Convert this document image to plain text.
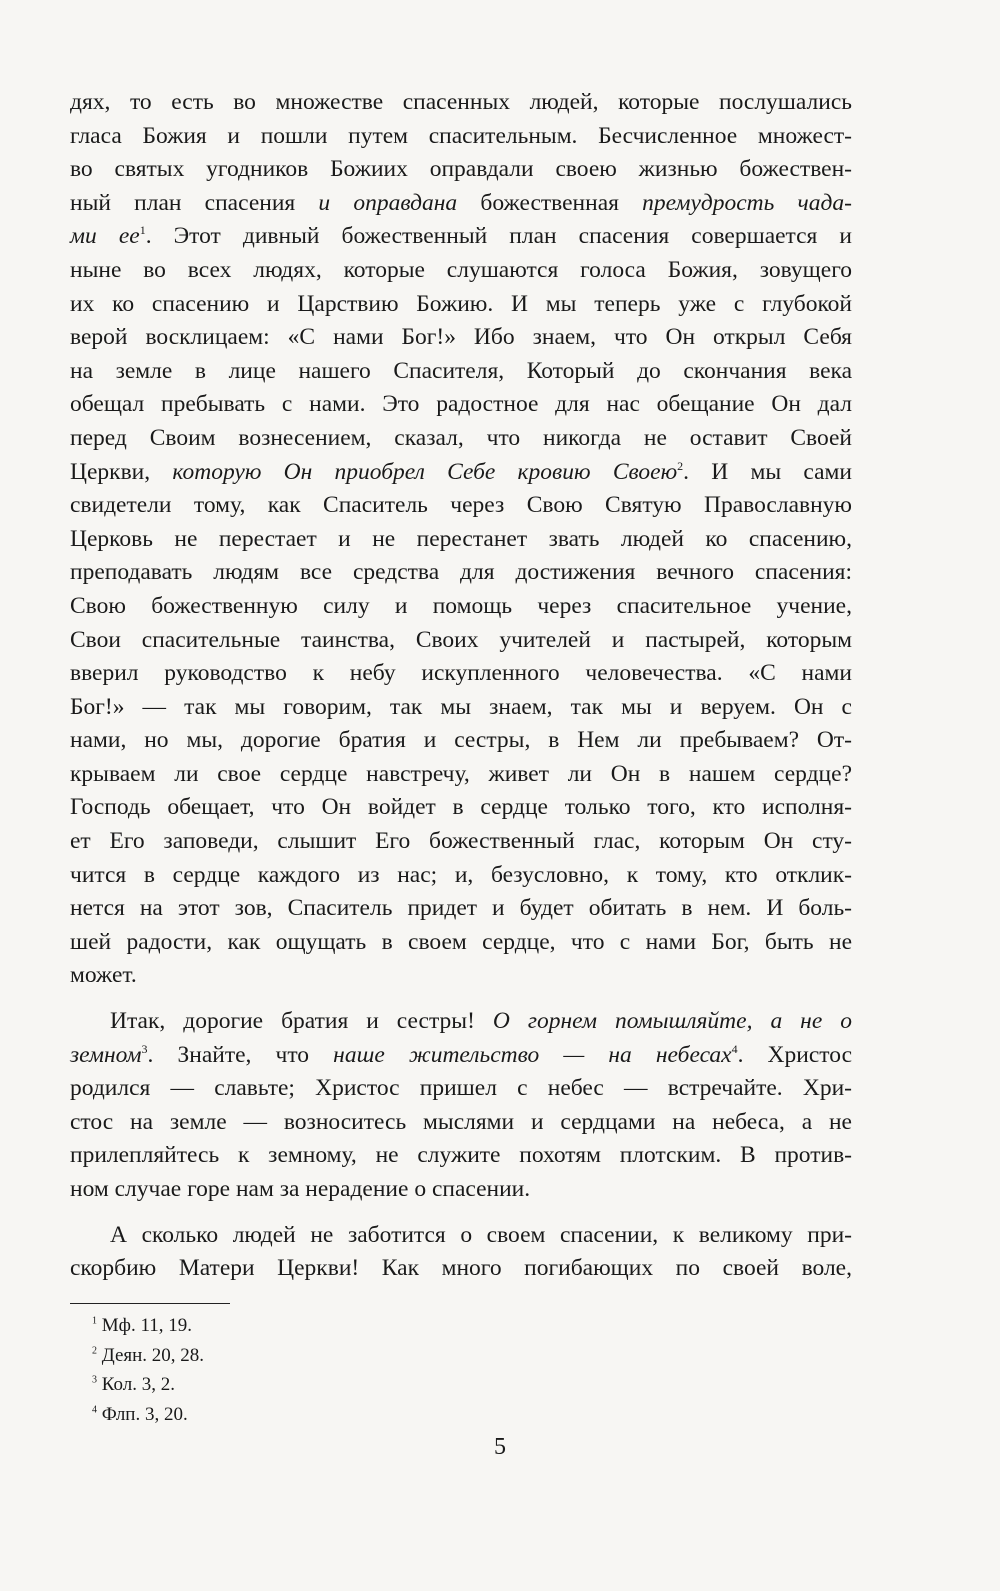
дях, то есть во множестве спасенных людей, которые послушались
гласа Божия и пошли путем спасительным. Бесчисленное множест-
во святых угодников Божиих оправдали своею жизнью божествен-
ный план спасения и оправдана божественная премудрость чада-
ми $ее^1$. Этот дивный божественный план спасения совершается и
ныне во всех людях, которые слушаются голоса Божия, зовущего
их ко спасению и Царствию Божию. И мы теперь уже с глубокой
верой восклицаем: «С нами Бог!» Ибо знаем, что Он открыл Себя
на земле в лице нашего Спасителя, Который до скончания века
обещал пребывать с нами. Это радостное для нас обещание Он дал
перед Своим вознесением, сказал, что никогда не оставит Своей
Церкви, которую Он приобрел Себе кровию Своею$^2$. И мы сами
свидетели тому, как Спаситель через Свою Святую Православную
Церковь не перестает и не перестанет звать людей ко спасению,
преподавать людям все средства для достижения вечного спасения:
Свою божественную силу и помощь через спасительное учение,
Свои спасительные таинства, Своих учителей и пастырей, которым
вверил руководство к небу искупленного человечества. «С нами
Бог!» — так мы говорим, так мы знаем, так мы и веруем. Он с
нами, но мы, дорогие братия и сестры, в Нем ли пребываем? От-
крываем ли свое сердце навстречу, живет ли Он в нашем сердце?
Господь обещает, что Он войдет в сердце только того, кто исполня-
ет Его заповеди, слышит Его божественный глас, которым Он сту-
чится в сердце каждого из нас; и, безусловно, к тому, кто отклик-
нется на этот зов, Спаситель придет и будет обитать в нем. И боль-
шей радости, как ощущать в своем сердце, что с нами Бог, быть не
может.
Итак, дорогие братия и сестры! О горнем помышляйте, а не о
земном$^3$. Знайте, что наше жительство — на небесах$^4$. Христос
родился — славьте; Христос пришел с небес — встречайте. Хри-
стос на земле — возноситесь мыслями и сердцами на небеса, а не
прилепляйтесь к земному, не служите похотям плотским. В против-
ном случае горе нам за нерадение о спасении.
А сколько людей не заботится о своем спасении, к великому при-
скорбию Матери Церкви! Как много погибающих по своей воле,
$^1$ Мф. 11, 19.
$^2$ Деян. 20, 28.
$^3$ Кол. 3, 2.
$^4$ Флп. 3, 20.
5
